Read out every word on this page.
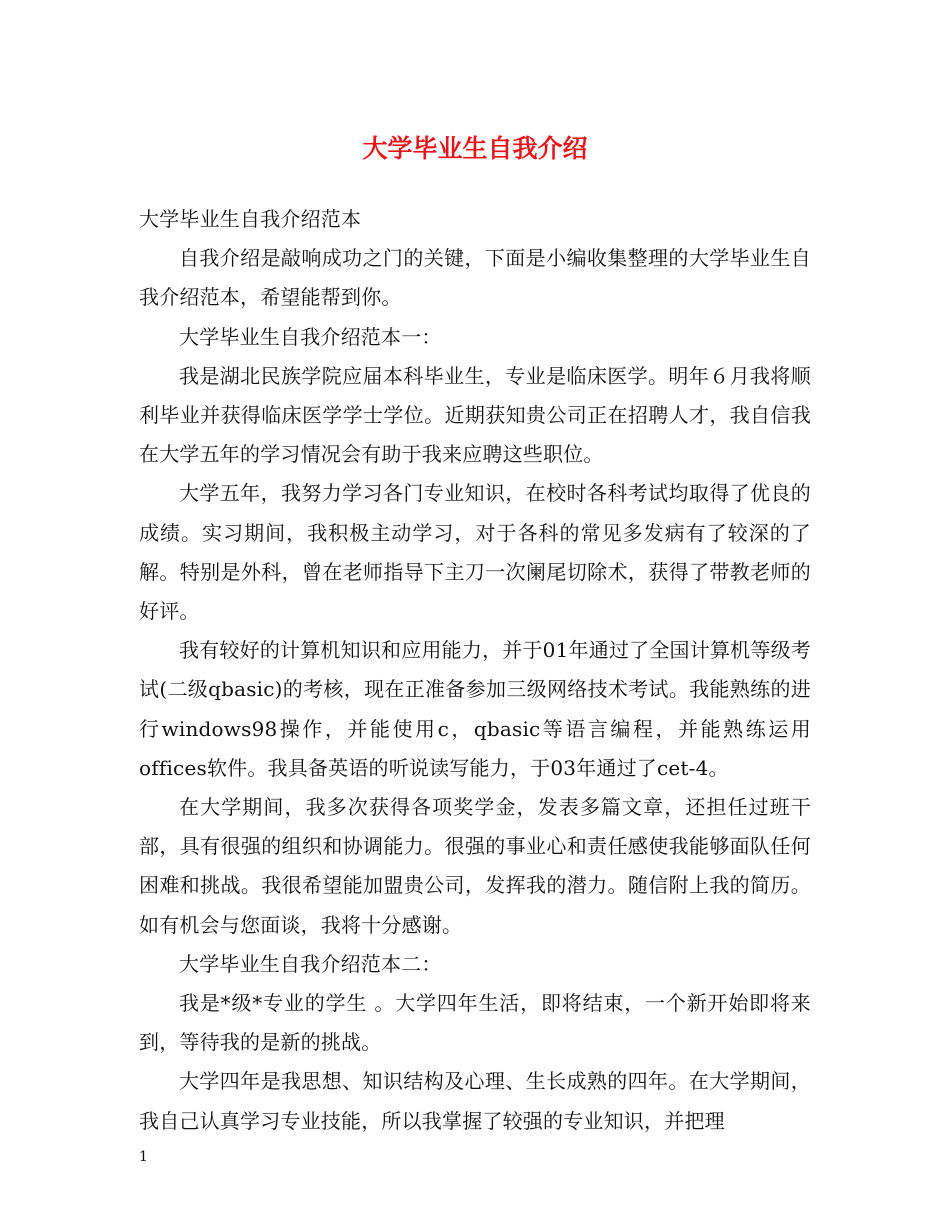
大学毕业生自我介绍

大学毕业生自我介绍范本

自我介绍是敲响成功之门的关键，下面是小编收集整理的大学毕业生自我介绍范本，希望能帮到你。

大学毕业生自我介绍范本一：

我是湖北民族学院应届本科毕业生，专业是临床医学。明年６月我将顺利毕业并获得临床医学学士学位。近期获知贵公司正在招聘人才，我自信我在大学五年的学习情况会有助于我来应聘这些职位。

大学五年，我努力学习各门专业知识，在校时各科考试均取得了优良的成绩。实习期间，我积极主动学习，对于各科的常见多发病有了较深的了解。特别是外科，曾在老师指导下主刀一次阑尾切除术，获得了带教老师的好评。

我有较好的计算机知识和应用能力，并于01年通过了全国计算机等级考试(二级qbasic)的考核，现在正准备参加三级网络技术考试。我能熟练的进行windows98操作，并能使用c，qbasic等语言编程，并能熟练运用offices软件。我具备英语的听说读写能力，于03年通过了cet-4。

在大学期间，我多次获得各项奖学金，发表多篇文章，还担任过班干部，具有很强的组织和协调能力。很强的事业心和责任感使我能够面队任何困难和挑战。我很希望能加盟贵公司，发挥我的潜力。随信附上我的简历。如有机会与您面谈，我将十分感谢。

大学毕业生自我介绍范本二：

我是*级*专业的学生 。大学四年生活，即将结束，一个新开始即将来到，等待我的是新的挑战。

大学四年是我思想、知识结构及心理、生长成熟的四年。在大学期间，我自己认真学习专业技能，所以我掌握了较强的专业知识，并把理

1
